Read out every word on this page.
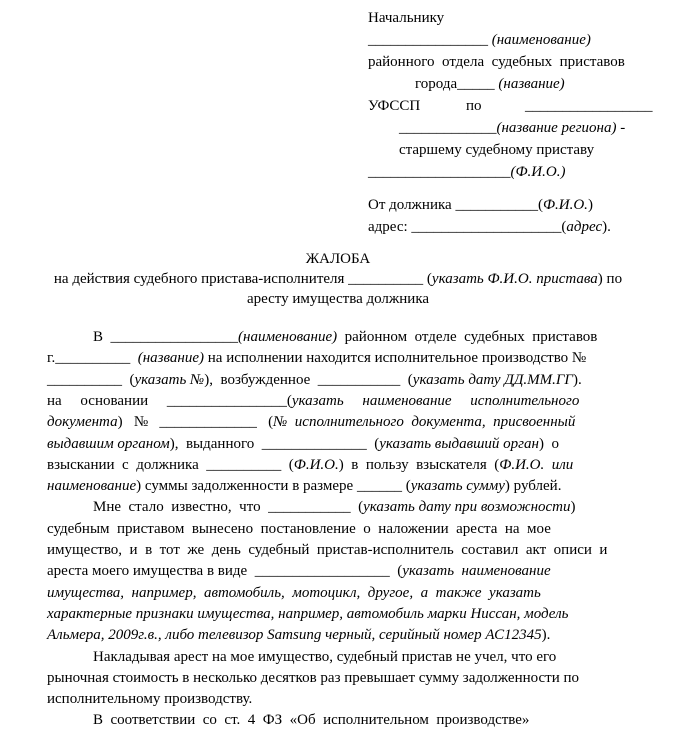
Начальнику
________________ (наименование)
районного  отдела  судебных  приставов
города_____ (название)
УФССП	по	_________________
_____________(название региона) -
старшему судебному приставу
___________________(Ф.И.О.)
От должника ___________(Ф.И.О.)
адрес: ____________________(адрес).
ЖАЛОБА
на действия судебного пристава-исполнителя __________ (указать Ф.И.О. пристава) по
аресту имущества должника
В  _________________(наименование)  районном  отделе  судебных  приставов
г.__________  (название) на исполнении находится исполнительное производство №
__________  (указать №),  возбужденное  ___________  (указать дату ДД.ММ.ГГ).
на     основании     ________________(указать     наименование     исполнительного
документа)   №   _____________   (№  исполнительного  документа,  присвоенный
выдавшим органом),  выданного  ______________  (указать выдавший орган)  о
взыскании  с  должника  __________  (Ф.И.О.)  в  пользу  взыскателя  (Ф.И.О.  или
наименование) суммы задолженности в размере ______ (указать сумму) рублей.
Мне  стало  известно,  что  ___________  (указать дату при возможности)
судебным  приставом  вынесено  постановление  о  наложении  ареста  на  мое
имущество,  и  в  тот  же  день  судебный  пристав-исполнитель  составил  акт  описи  и
ареста моего имущества в виде  __________________  (указать  наименование
имущества,  например,  автомобиль,  мотоцикл,  другое,  а  также  указать
характерные признаки имущества, например, автомобиль марки Ниссан, модель
Альмера, 2009г.в., либо телевизор Samsung черный, серийный номер АС12345).
Накладывая арест на мое имущество, судебный пристав не учел, что его
рыночная стоимость в несколько десятков раз превышает сумму задолженности по
исполнительному производству.
В  соответствии  со  ст.  4  ФЗ  «Об  исполнительном  производстве»
